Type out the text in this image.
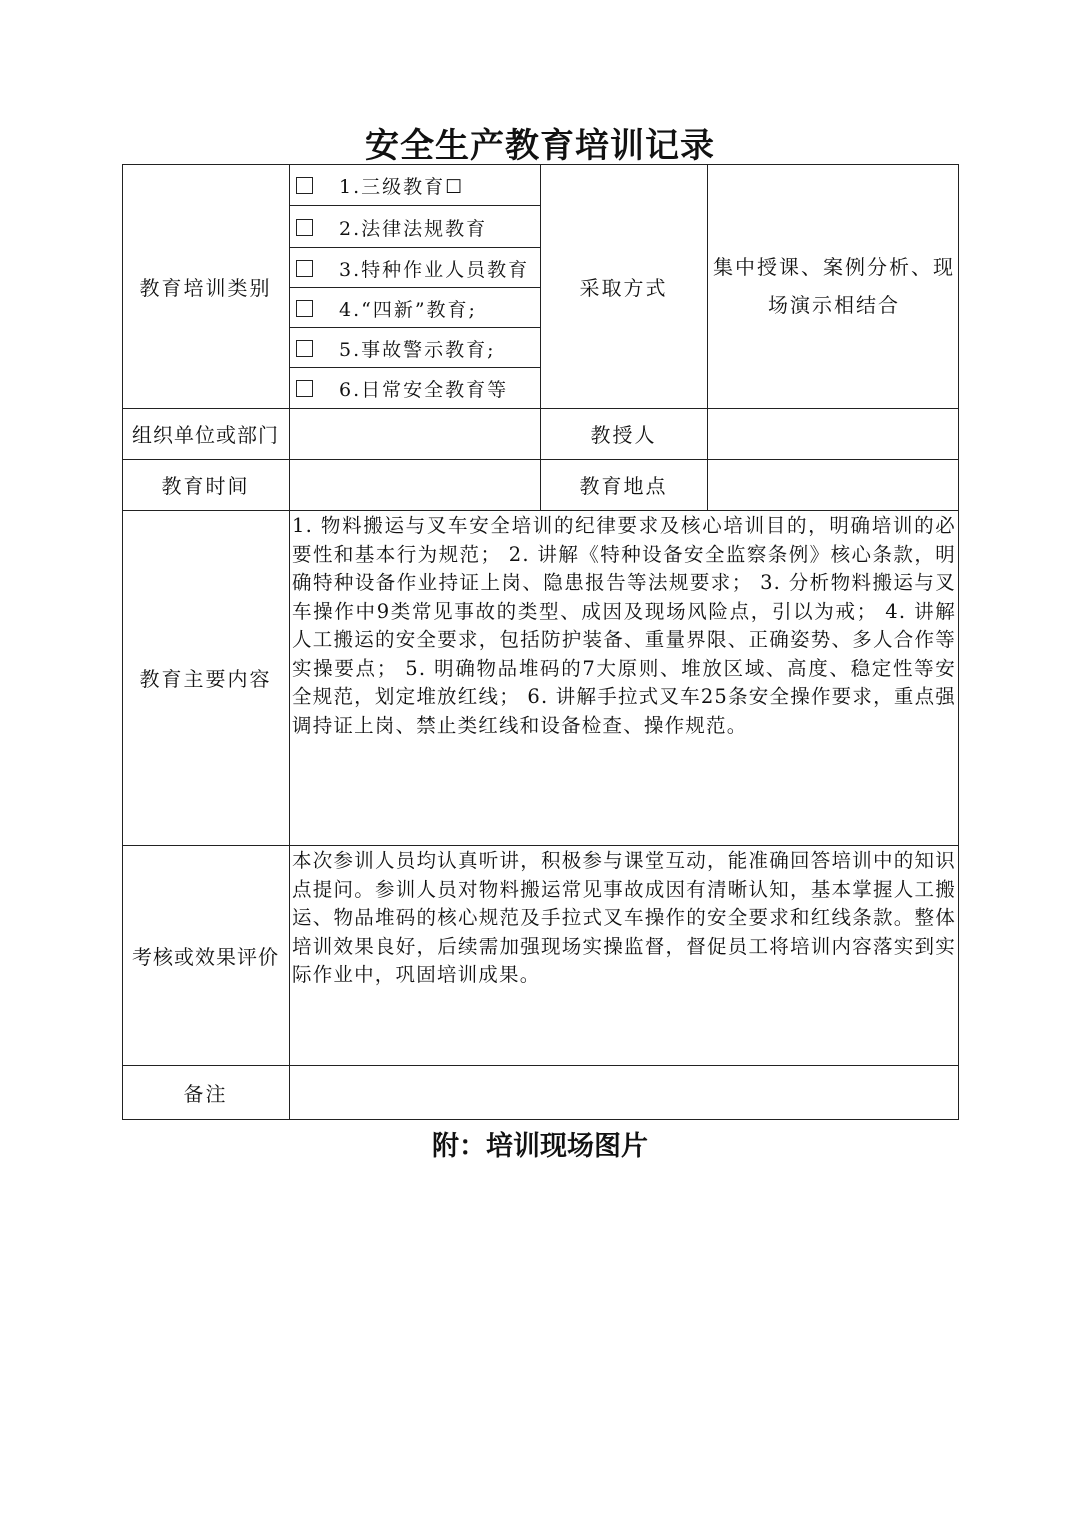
安全生产教育培训记录
教育培训类别
1.三级教育☐
2.法律法规教育
3.特种作业人员教育
4.“四新”教育;
5.事故警示教育;
6.日常安全教育等
采取方式
集中授课、案例分析、现场演示相结合
组织单位或部门	教授人
教育时间	教育地点
教育主要内容
1. 物料搬运与叉车安全培训的纪律要求及核心培训目的，明确培训的必要性和基本行为规范； 2. 讲解《特种设备安全监察条例》核心条款，明确特种设备作业持证上岗、隐患报告等法规要求； 3. 分析物料搬运与叉车操作中9类常见事故的类型、成因及现场风险点，引以为戒； 4. 讲解人工搬运的安全要求，包括防护装备、重量界限、正确姿势、多人合作等实操要点； 5. 明确物品堆码的7大原则、堆放区域、高度、稳定性等安全规范，划定堆放红线； 6. 讲解手拉式叉车25条安全操作要求，重点强调持证上岗、禁止类红线和设备检查、操作规范。
考核或效果评价
本次参训人员均认真听讲，积极参与课堂互动，能准确回答培训中的知识点提问。参训人员对物料搬运常见事故成因有清晰认知，基本掌握人工搬运、物品堆码的核心规范及手拉式叉车操作的安全要求和红线条款。整体培训效果良好，后续需加强现场实操监督，督促员工将培训内容落实到实际作业中，巩固培训成果。
备注
附：培训现场图片
